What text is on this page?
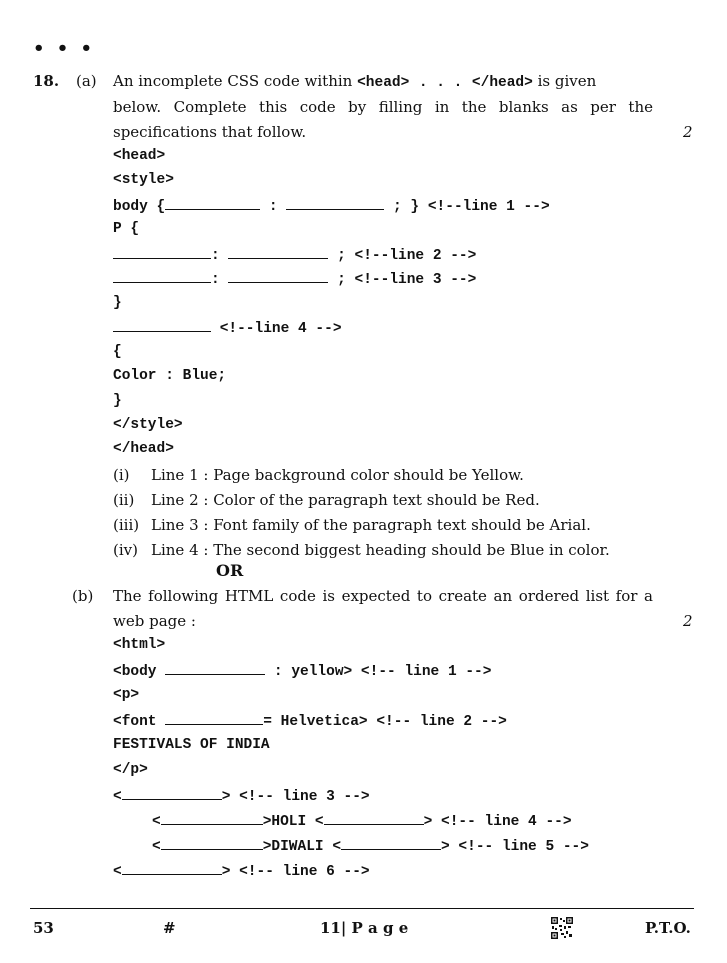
• • •
18. (a) An incomplete CSS code within <head> . . . </head> is given
below. Complete this code by filling in the blanks as per the
specifications that follow.	2
<head>
<style>
body {	:	; } <!--line 1 -->
P {
:	; <!--line 2 -->
:	; <!--line 3 -->
}
<!--line 4 -->
{
Color : Blue;
}
</style>
</head>
(i) Line 1 : Page background color should be Yellow.
(ii) Line 2 : Color of the paragraph text should be Red.
(iii) Line 3 : Font family of the paragraph text should be Arial.
(iv) Line 4 : The second biggest heading should be Blue in color.
OR
(b) The following HTML code is expected to create an ordered list for a
web page :	2
<html>
<body	: yellow> <!-- line 1 -->
<p>
<font	= Helvetica> <!-- line 2 -->
FESTIVALS OF INDIA
</p>
<	> <!-- line 3 -->
<	>HOLI <	> <!-- line 4 -->
<	>DIWALI <	> <!-- line 5 -->
<	> <!-- line 6 -->
53	#	11| P a g e	P.T.O.
